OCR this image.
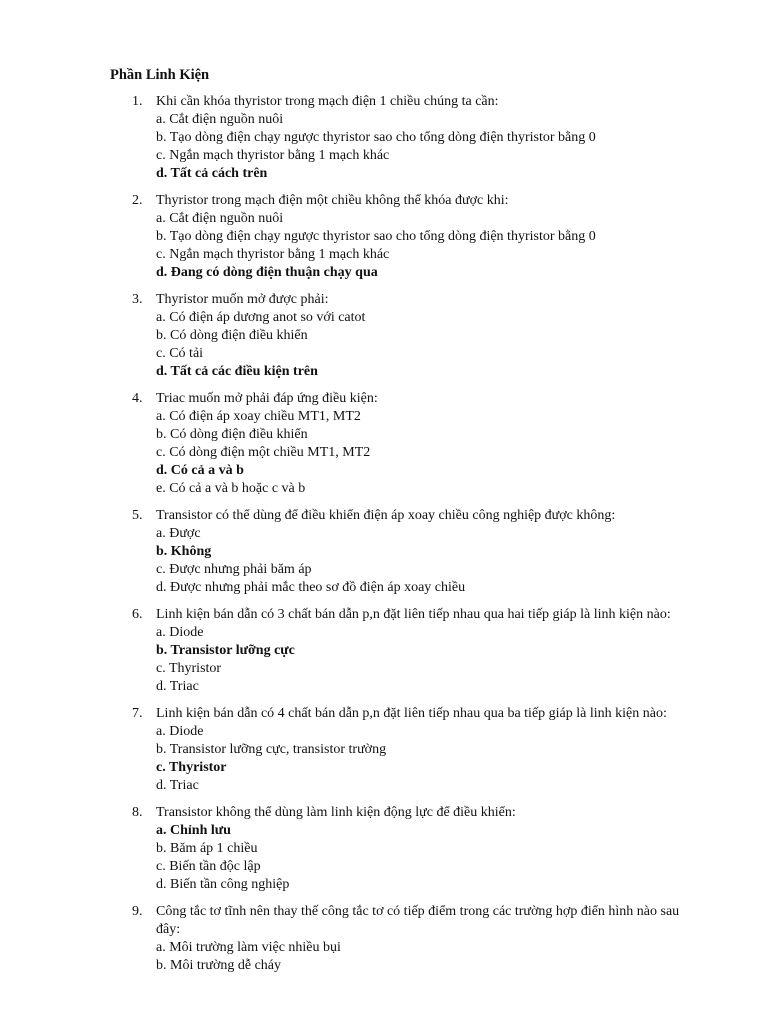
Phần Linh Kiện
1. Khi cần khóa thyristor trong mạch điện 1 chiều chúng ta cần:
a. Cắt điện nguồn nuôi
b. Tạo dòng điện chạy ngược thyristor sao cho tổng dòng điện thyristor bằng 0
c. Ngắn mạch thyristor bằng 1 mạch khác
d. Tất cả cách trên
2. Thyristor trong mạch điện một chiều không thể khóa được khi:
a. Cắt điện nguồn nuôi
b. Tạo dòng điện chạy ngược thyristor sao cho tổng dòng điện thyristor bằng 0
c. Ngắn mạch thyristor bằng 1 mạch khác
d. Đang có dòng điện thuận chạy qua
3. Thyristor muốn mở được phải:
a. Có điện áp dương anot so với catot
b. Có dòng điện điều khiển
c. Có tải
d. Tất cả các điều kiện trên
4. Triac muốn mở phải đáp ứng điều kiện:
a. Có điện áp xoay chiều MT1, MT2
b. Có dòng điện điều khiển
c. Có dòng điện một chiều MT1, MT2
d. Có cả a và b
e. Có cả a và b hoặc c và b
5. Transistor có thể dùng để điều khiển điện áp xoay chiều công nghiệp được không:
a. Được
b. Không
c. Được nhưng phải băm áp
d. Được nhưng phải mắc theo sơ đồ điện áp xoay chiều
6. Linh kiện bán dẫn có 3 chất bán dẫn p,n đặt liên tiếp nhau qua hai tiếp giáp là linh kiện nào:
a. Diode
b. Transistor lưỡng cực
c. Thyristor
d. Triac
7. Linh kiện bán dẫn có 4 chất bán dẫn p,n đặt liên tiếp nhau qua ba tiếp giáp là linh kiện nào:
a. Diode
b. Transistor lưỡng cực, transistor trường
c. Thyristor
d. Triac
8. Transistor không thể dùng làm linh kiện động lực để điều khiển:
a. Chỉnh lưu
b. Băm áp 1 chiều
c. Biến tần độc lập
d. Biến tần công nghiệp
9. Công tắc tơ tĩnh nên thay thế công tắc tơ có tiếp điểm trong các trường hợp điển hình nào sau đây:
a. Môi trường làm việc nhiều bụi
b. Môi trường dễ cháy
